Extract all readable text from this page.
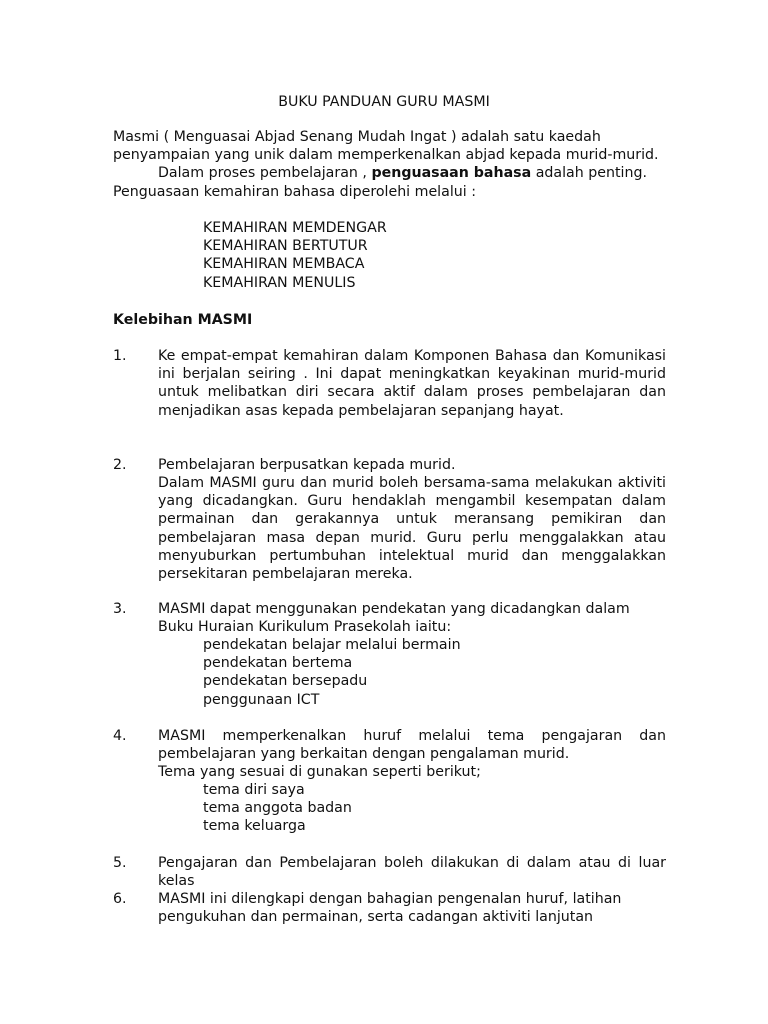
BUKU PANDUAN GURU MASMI

Masmi ( Menguasai Abjad Senang Mudah Ingat ) adalah satu kaedah penyampaian yang unik dalam memperkenalkan abjad kepada murid-murid.

Dalam proses pembelajaran , penguasaan bahasa adalah penting. Penguasaan kemahiran bahasa diperolehi melalui :

KEMAHIRAN MEMDENGAR
KEMAHIRAN BERTUTUR
KEMAHIRAN MEMBACA
KEMAHIRAN MENULIS
Kelebihan MASMI
1. Ke empat-empat kemahiran dalam Komponen Bahasa dan Komunikasi ini berjalan seiring . Ini dapat meningkatkan keyakinan murid-murid untuk melibatkan diri secara aktif dalam proses pembelajaran dan menjadikan asas kepada pembelajaran sepanjang hayat.
2. Pembelajaran berpusatkan kepada murid.
Dalam MASMI guru dan murid boleh bersama-sama melakukan aktiviti yang dicadangkan. Guru hendaklah mengambil kesempatan dalam permainan dan gerakannya untuk meransang pemikiran dan pembelajaran masa depan murid. Guru perlu menggalakkan atau menyuburkan pertumbuhan intelektual murid dan menggalakkan persekitaran pembelajaran mereka.
3. MASMI dapat menggunakan pendekatan yang dicadangkan dalam Buku Huraian Kurikulum Prasekolah iaitu:
pendekatan belajar melalui bermain
pendekatan bertema
pendekatan bersepadu
penggunaan ICT
4. MASMI memperkenalkan huruf melalui tema pengajaran dan pembelajaran yang berkaitan dengan pengalaman murid.
Tema yang sesuai di gunakan seperti berikut;
tema diri saya
tema anggota badan
tema keluarga
5. Pengajaran dan Pembelajaran boleh dilakukan di dalam atau di luar kelas
6. MASMI ini dilengkapi dengan bahagian pengenalan huruf, latihan pengukuhan dan permainan, serta cadangan aktiviti lanjutan
